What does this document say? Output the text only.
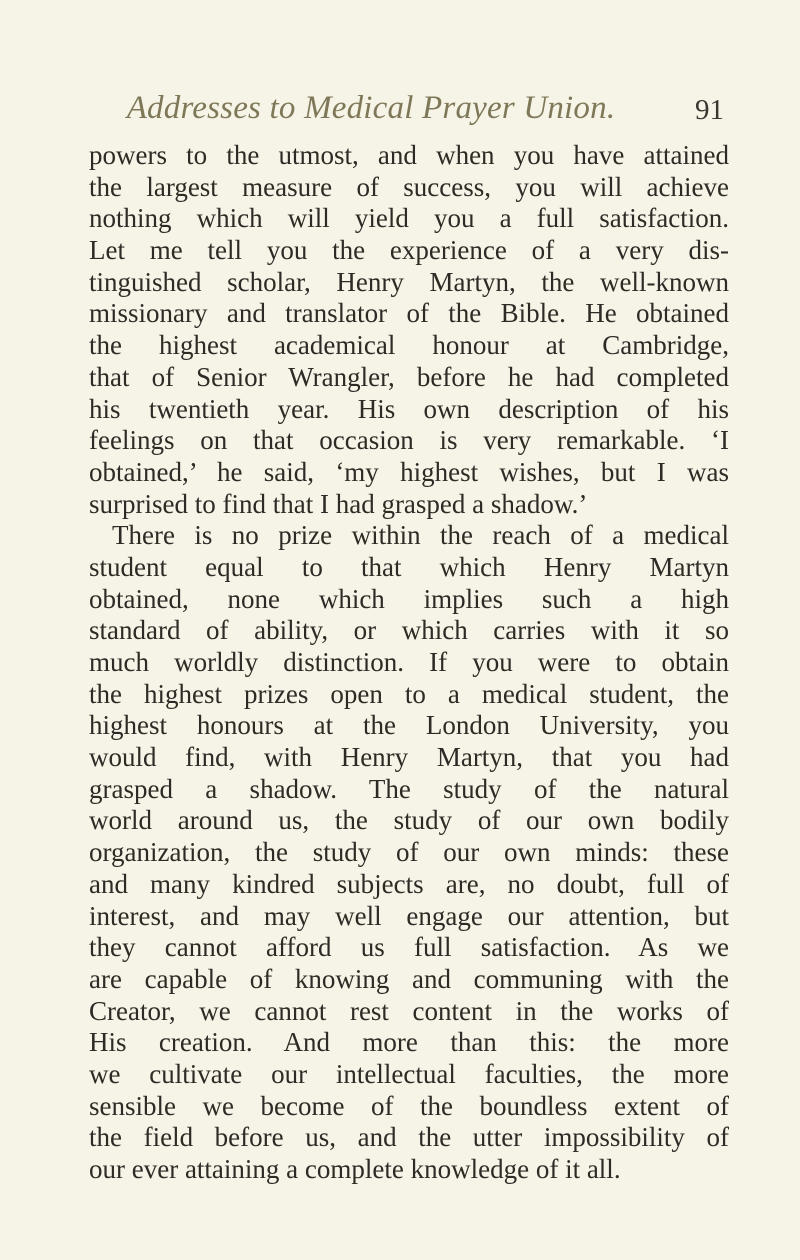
Addresses to Medical Prayer Union.	91
powers to the utmost, and when you have attained
the largest measure of success, you will achieve
nothing which will yield you a full satisfaction.
Let me tell you the experience of a very dis-
tinguished scholar, Henry Martyn, the well-known
missionary and translator of the Bible. He obtained
the highest academical honour at Cambridge,
that of Senior Wrangler, before he had completed
his twentieth year. His own description of his
feelings on that occasion is very remarkable. ‘I
obtained,’ he said, ‘my highest wishes, but I was
surprised to find that I had grasped a shadow.’
There is no prize within the reach of a medical
student equal to that which Henry Martyn
obtained, none which implies such a high
standard of ability, or which carries with it so
much worldly distinction. If you were to obtain
the highest prizes open to a medical student, the
highest honours at the London University, you
would find, with Henry Martyn, that you had
grasped a shadow. The study of the natural
world around us, the study of our own bodily
organization, the study of our own minds: these
and many kindred subjects are, no doubt, full of
interest, and may well engage our attention, but
they cannot afford us full satisfaction. As we
are capable of knowing and communing with the
Creator, we cannot rest content in the works of
His creation. And more than this: the more
we cultivate our intellectual faculties, the more
sensible we become of the boundless extent of
the field before us, and the utter impossibility of
our ever attaining a complete knowledge of it all.
